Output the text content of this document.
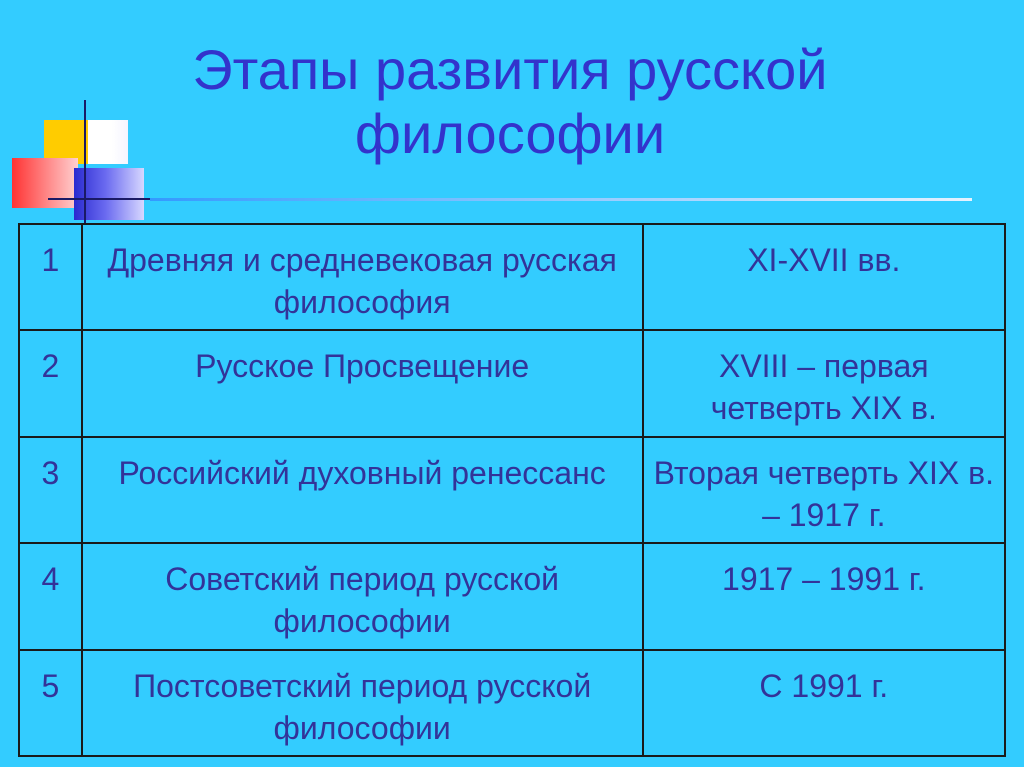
Этапы развития русской философии
1	Древняя и средневековая русская философия	XI-XVII вв.
2	Русское Просвещение	XVIII – первая четверть XIX в.
3	Российский духовный ренессанс	Вторая четверть XIX в. – 1917 г.
4	Советский период русской философии	1917 – 1991 г.
5	Постсоветский период русской философии	С 1991 г.
